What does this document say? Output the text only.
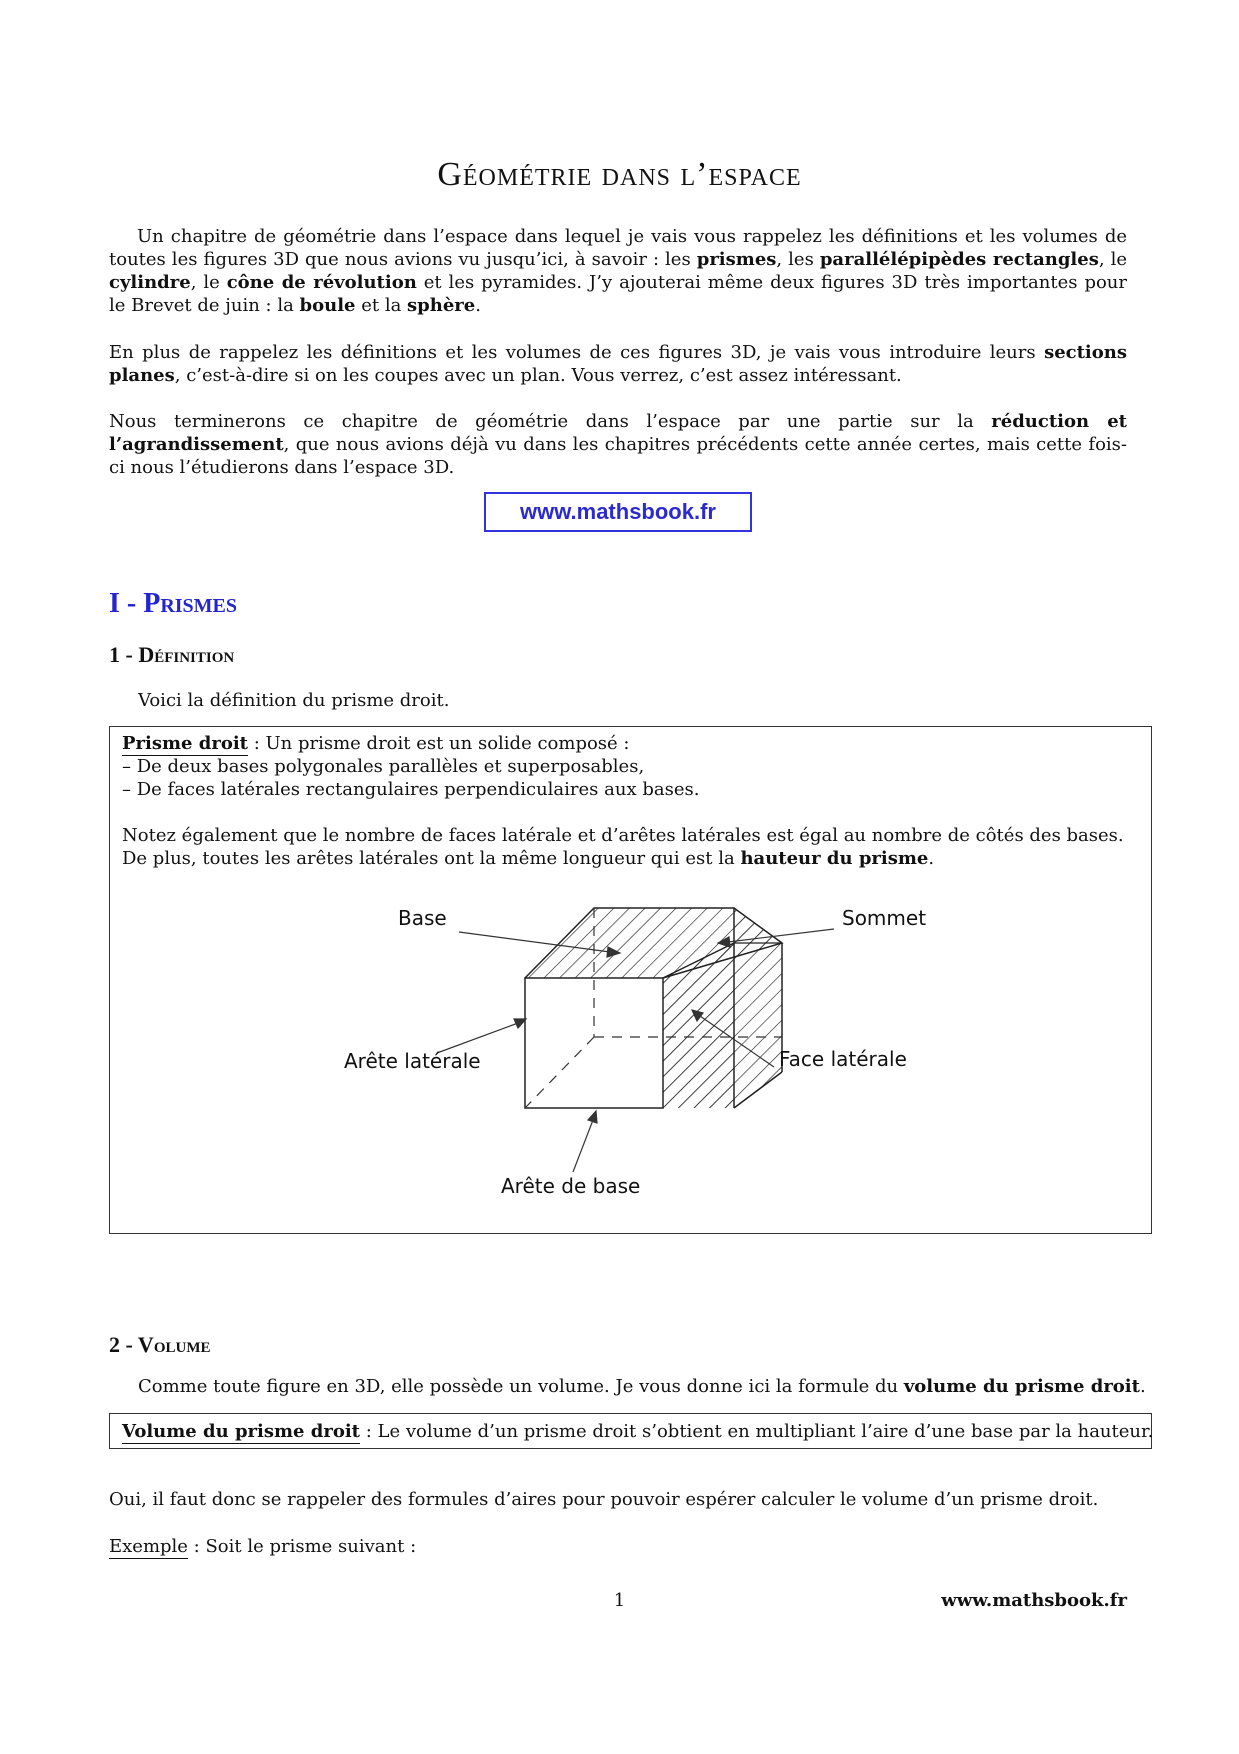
Géométrie dans l’espace

Un chapitre de géométrie dans l’espace dans lequel je vais vous rappelez les définitions et les volumes de toutes les figures 3D que nous avions vu jusqu’ici, à savoir : les prismes, les parallélépipèdes rectangles, le cylindre, le cône de révolution et les pyramides. J’y ajouterai même deux figures 3D très importantes pour le Brevet de juin : la boule et la sphère.

En plus de rappelez les définitions et les volumes de ces figures 3D, je vais vous introduire leurs sections planes, c’est-à-dire si on les coupes avec un plan. Vous verrez, c’est assez intéressant.

Nous terminerons ce chapitre de géométrie dans l’espace par une partie sur la réduction et l’agrandissement, que nous avions déjà vu dans les chapitres précédents cette année certes, mais cette fois-ci nous l’étudierons dans l’espace 3D.

www.mathsbook.fr
I - Prismes
1 - Définition
Voici la définition du prisme droit.
Prisme droit : Un prisme droit est un solide composé :
– De deux bases polygonales parallèles et superposables,
– De faces latérales rectangulaires perpendiculaires aux bases.
Notez également que le nombre de faces latérale et d’arêtes latérales est égal au nombre de côtés des bases.
De plus, toutes les arêtes latérales ont la même longueur qui est la hauteur du prisme.
Base	Sommet
Arête latérale	Face latérale
Arête de base
2 - Volume
Comme toute figure en 3D, elle possède un volume. Je vous donne ici la formule du volume du prisme droit.
Volume du prisme droit : Le volume d’un prisme droit s’obtient en multipliant l’aire d’une base par la hauteur.
Oui, il faut donc se rappeler des formules d’aires pour pouvoir espérer calculer le volume d’un prisme droit.
Exemple : Soit le prisme suivant :
1	www.mathsbook.fr
